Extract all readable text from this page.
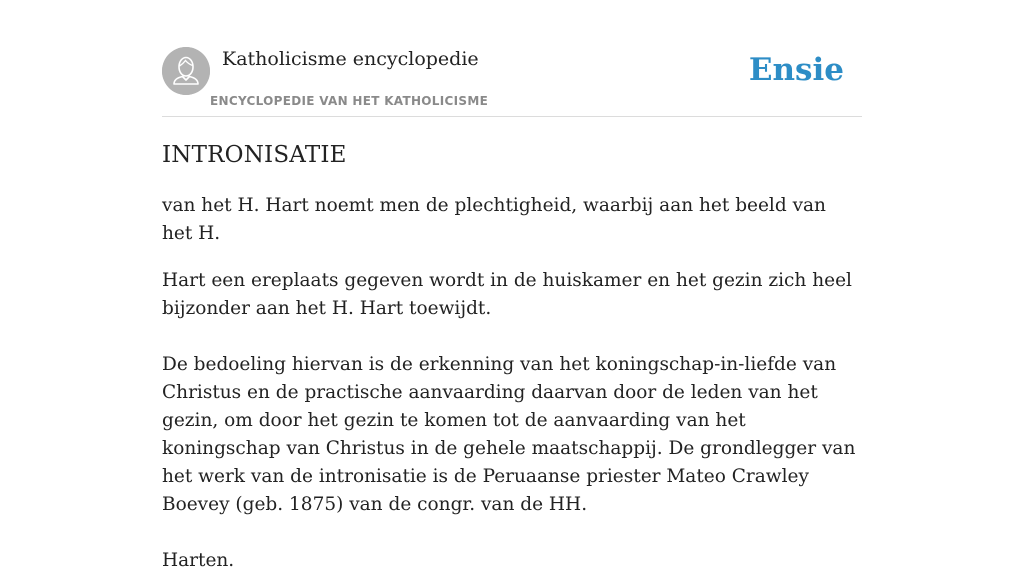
Katholicisme encyclopedie
ENCYCLOPEDIE VAN HET KATHOLICISME
Ensie
INTRONISATIE

van het H. Hart noemt men de plechtigheid, waarbij aan het beeld van het H.

Hart een ereplaats gegeven wordt in de huiskamer en het gezin zich heel bijzonder aan het H. Hart toewijdt.

De bedoeling hiervan is de erkenning van het koningschap-in-liefde van Christus en de practische aanvaarding daarvan door de leden van het gezin, om door het gezin te komen tot de aanvaarding van het koningschap van Christus in de gehele maatschappij. De grondlegger van het werk van de intronisatie is de Peruaanse priester Mateo Crawley Boevey (geb. 1875) van de congr. van de HH.

Harten.
